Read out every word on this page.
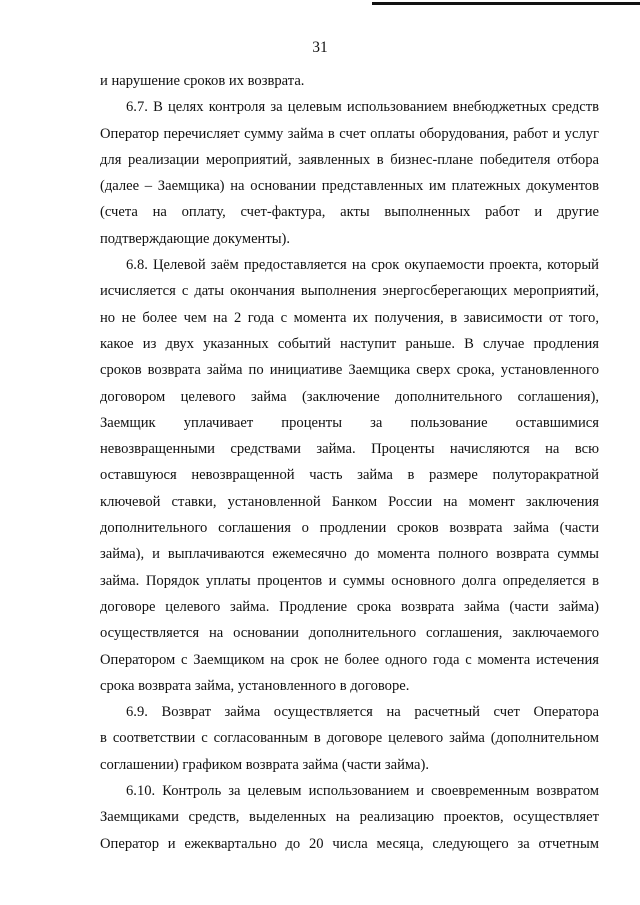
31
и нарушение сроков их возврата.
6.7. В целях контроля за целевым использованием внебюджетных средств
Оператор перечисляет сумму займа в счет оплаты оборудования, работ и услуг
для реализации мероприятий, заявленных в бизнес-плане победителя отбора
(далее – Заемщика) на основании представленных им платежных документов
(счета на оплату, счет-фактура, акты выполненных работ и другие
подтверждающие документы).
6.8. Целевой заём предоставляется на срок окупаемости проекта, который
исчисляется с даты окончания выполнения энергосберегающих мероприятий,
но не более чем на 2 года с момента их получения, в зависимости от того,
какое из двух указанных событий наступит раньше. В случае продления
сроков возврата займа по инициативе Заемщика сверх срока, установленного
договором целевого займа (заключение дополнительного соглашения),
Заемщик уплачивает проценты за пользование оставшимися
невозвращенными средствами займа. Проценты начисляются на всю
оставшуюся невозвращенной часть займа в размере полуторакратной
ключевой ставки, установленной Банком России на момент заключения
дополнительного соглашения о продлении сроков возврата займа (части
займа), и выплачиваются ежемесячно до момента полного возврата суммы
займа. Порядок уплаты процентов и суммы основного долга определяется в
договоре целевого займа. Продление срока возврата займа (части займа)
осуществляется на основании дополнительного соглашения, заключаемого
Оператором с Заемщиком на срок не более одного года с момента истечения
срока возврата займа, установленного в договоре.
6.9. Возврат займа осуществляется на расчетный счет Оператора
в соответствии с согласованным в договоре целевого займа (дополнительном
соглашении) графиком возврата займа (части займа).
6.10. Контроль за целевым использованием и своевременным возвратом
Заемщиками средств, выделенных на реализацию проектов, осуществляет
Оператор и ежеквартально до 20 числа месяца, следующего за отчетным
